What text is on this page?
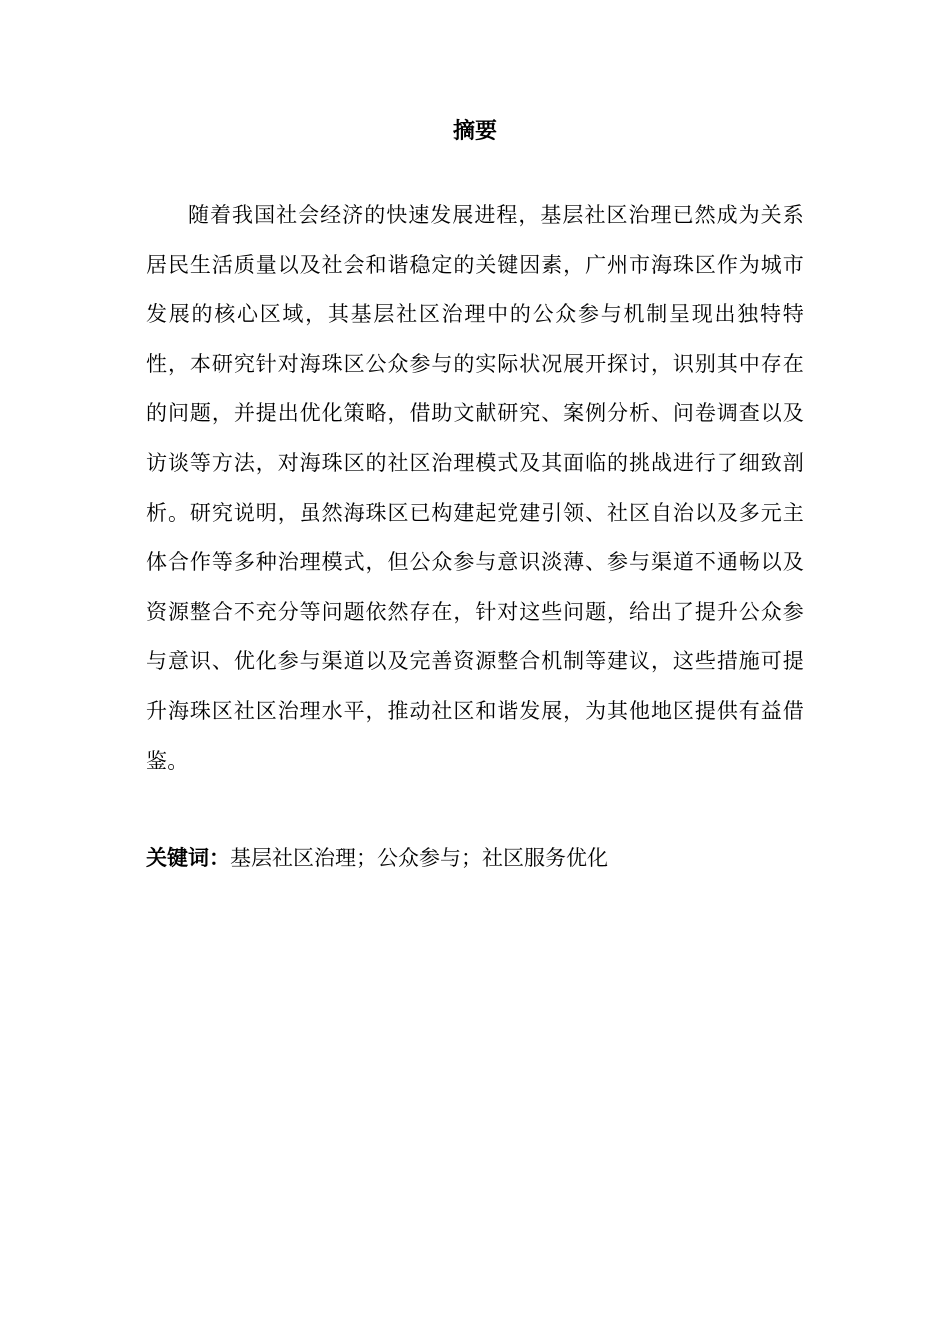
摘要

随着我国社会经济的快速发展进程，基层社区治理已然成为关系居民生活质量以及社会和谐稳定的关键因素，广州市海珠区作为城市发展的核心区域，其基层社区治理中的公众参与机制呈现出独特特性，本研究针对海珠区公众参与的实际状况展开探讨，识别其中存在的问题，并提出优化策略，借助文献研究、案例分析、问卷调查以及访谈等方法，对海珠区的社区治理模式及其面临的挑战进行了细致剖析。研究说明，虽然海珠区已构建起党建引领、社区自治以及多元主体合作等多种治理模式，但公众参与意识淡薄、参与渠道不通畅以及资源整合不充分等问题依然存在，针对这些问题，给出了提升公众参与意识、优化参与渠道以及完善资源整合机制等建议，这些措施可提升海珠区社区治理水平，推动社区和谐发展，为其他地区提供有益借鉴。

关键词：基层社区治理；公众参与；社区服务优化
